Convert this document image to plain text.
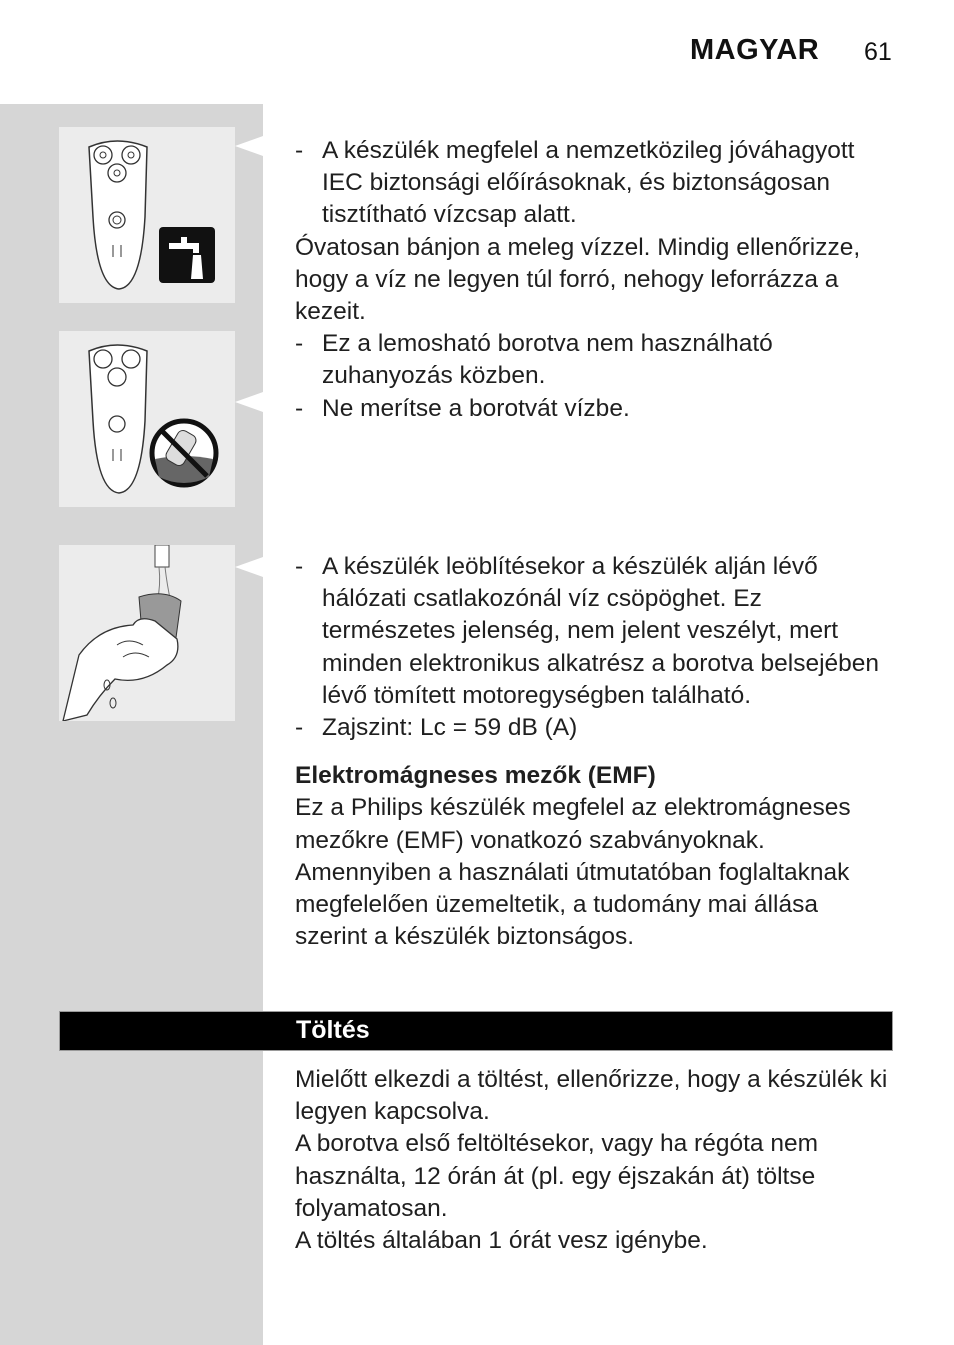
MAGYAR 61

- A készülék megfelel a nemzetközileg jóváhagyott IEC biztonsági előírásoknak, és biztonságosan tisztítható vízcsap alatt.

Óvatosan bánjon a meleg vízzel. Mindig ellenőrizze, hogy a víz ne legyen túl forró, nehogy leforrázza a kezeit.

- Ez a lemosható borotva nem használható zuhanyozás közben.

- Ne merítse a borotvát vízbe.

- A készülék leöblítésekor a készülék alján lévő hálózati csatlakozónál víz csöpöghet. Ez természetes jelenség, nem jelent veszélyt, mert minden elektronikus alkatrész a borotva belsejében lévő tömített motoregységben található.

- Zajszint: Lc = 59 dB (A)

Elektromágneses mezők (EMF)

Ez a Philips készülék megfelel az elektromágneses mezőkre (EMF) vonatkozó szabványoknak. Amennyiben a használati útmutatóban foglaltaknak megfelelően üzemeltetik, a tudomány mai állása szerint a készülék biztonságos.

Töltés

Mielőtt elkezdi a töltést, ellenőrizze, hogy a készülék ki legyen kapcsolva.

A borotva első feltöltésekor, vagy ha régóta nem használta, 12 órán át (pl. egy éjszakán át) töltse folyamatosan.

A töltés általában 1 órát vesz igénybe.
